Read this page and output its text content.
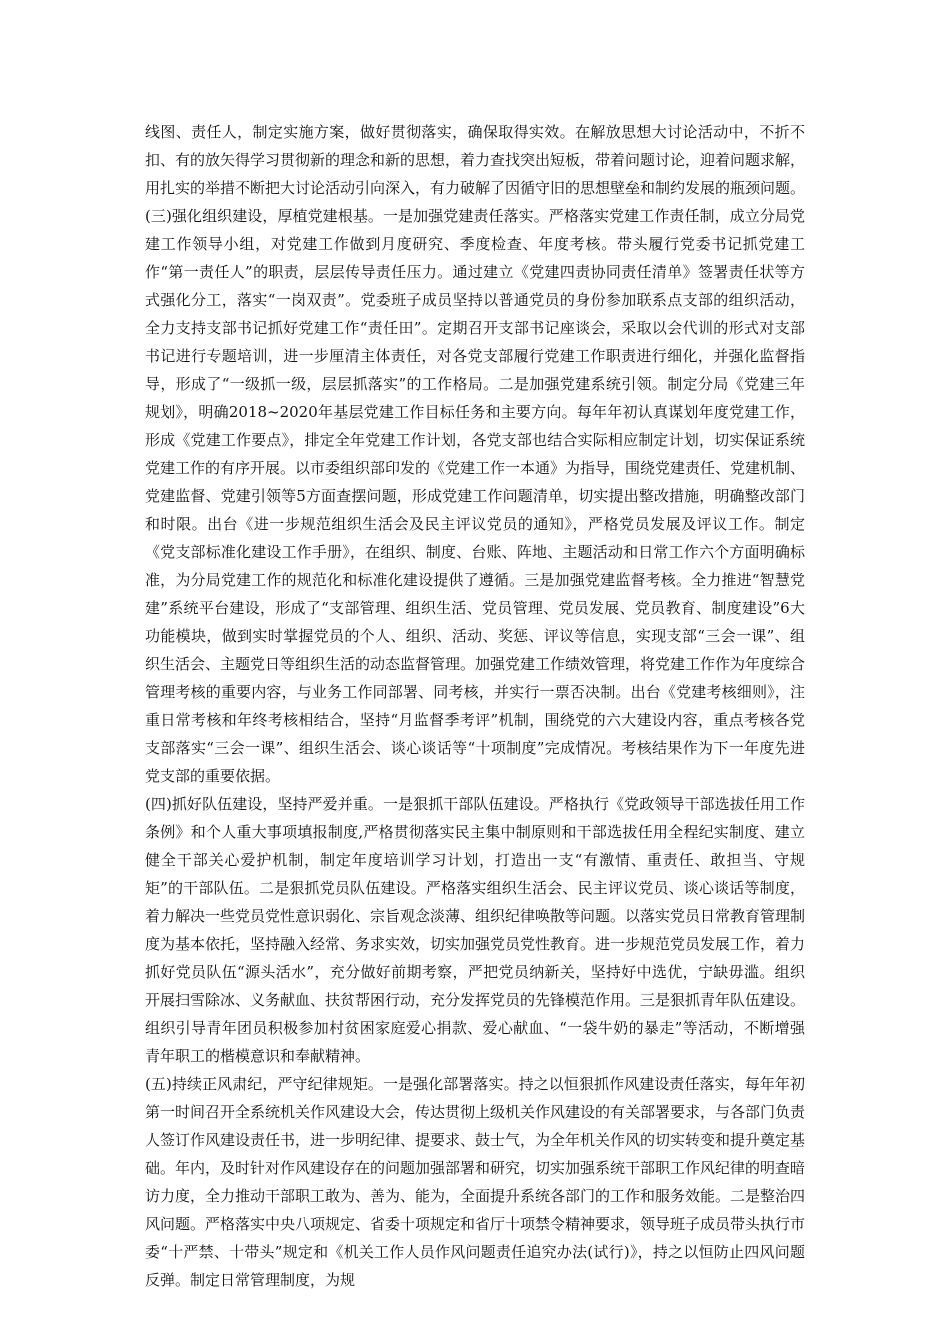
线图、责任人，制定实施方案，做好贯彻落实，确保取得实效。在解放思想大讨论活动中，不折不扣、有的放矢得学习贯彻新的理念和新的思想，着力查找突出短板，带着问题讨论，迎着问题求解，用扎实的举措不断把大讨论活动引向深入，有力破解了因循守旧的思想壁垒和制约发展的瓶颈问题。

(三)强化组织建设，厚植党建根基。一是加强党建责任落实。严格落实党建工作责任制，成立分局党建工作领导小组，对党建工作做到月度研究、季度检查、年度考核。带头履行党委书记抓党建工作“第一责任人”的职责，层层传导责任压力。通过建立《党建四责协同责任清单》签署责任状等方式强化分工，落实“一岗双责”。党委班子成员坚持以普通党员的身份参加联系点支部的组织活动，全力支持支部书记抓好党建工作“责任田”。定期召开支部书记座谈会，采取以会代训的形式对支部书记进行专题培训，进一步厘清主体责任，对各党支部履行党建工作职责进行细化，并强化监督指导，形成了“一级抓一级，层层抓落实”的工作格局。二是加强党建系统引领。制定分局《党建三年规划》，明确2018~2020年基层党建工作目标任务和主要方向。每年年初认真谋划年度党建工作，形成《党建工作要点》，排定全年党建工作计划，各党支部也结合实际相应制定计划，切实保证系统党建工作的有序开展。以市委组织部印发的《党建工作一本通》为指导，围绕党建责任、党建机制、党建监督、党建引领等5方面查摆问题，形成党建工作问题清单，切实提出整改措施，明确整改部门和时限。出台《进一步规范组织生活会及民主评议党员的通知》，严格党员发展及评议工作。制定《党支部标准化建设工作手册》，在组织、制度、台账、阵地、主题活动和日常工作六个方面明确标准，为分局党建工作的规范化和标准化建设提供了遵循。三是加强党建监督考核。全力推进“智慧党建”系统平台建设，形成了“支部管理、组织生活、党员管理、党员发展、党员教育、制度建设”6大功能模块，做到实时掌握党员的个人、组织、活动、奖惩、评议等信息，实现支部“三会一课”、组织生活会、主题党日等组织生活的动态监督管理。加强党建工作绩效管理，将党建工作作为年度综合管理考核的重要内容，与业务工作同部署、同考核，并实行一票否决制。出台《党建考核细则》，注重日常考核和年终考核相结合，坚持“月监督季考评”机制，围绕党的六大建设内容，重点考核各党支部落实“三会一课”、组织生活会、谈心谈话等“十项制度”完成情况。考核结果作为下一年度先进党支部的重要依据。

(四)抓好队伍建设，坚持严爱并重。一是狠抓干部队伍建设。严格执行《党政领导干部选拔任用工作条例》和个人重大事项填报制度,严格贯彻落实民主集中制原则和干部选拔任用全程纪实制度、建立健全干部关心爱护机制，制定年度培训学习计划，打造出一支“有激情、重责任、敢担当、守规矩”的干部队伍。二是狠抓党员队伍建设。严格落实组织生活会、民主评议党员、谈心谈话等制度，着力解决一些党员党性意识弱化、宗旨观念淡薄、组织纪律唤散等问题。以落实党员日常教育管理制度为基本依托，坚持融入经常、务求实效，切实加强党员党性教育。进一步规范党员发展工作，着力抓好党员队伍“源头活水”，充分做好前期考察，严把党员纳新关，坚持好中选优，宁缺毋滥。组织开展扫雪除冰、义务献血、扶贫帮困行动，充分发挥党员的先锋模范作用。三是狠抓青年队伍建设。组织引导青年团员积极参加村贫困家庭爱心捐款、爱心献血、“一袋牛奶的暴走”等活动，不断增强青年职工的楷模意识和奉献精神。

(五)持续正风肃纪，严守纪律规矩。一是强化部署落实。持之以恒狠抓作风建设责任落实，每年年初第一时间召开全系统机关作风建设大会，传达贯彻上级机关作风建设的有关部署要求，与各部门负责人签订作风建设责任书，进一步明纪律、提要求、鼓士气，为全年机关作风的切实转变和提升奠定基础。年内，及时针对作风建设存在的问题加强部署和研究，切实加强系统干部职工作风纪律的明查暗访力度，全力推动干部职工敢为、善为、能为，全面提升系统各部门的工作和服务效能。二是整治四风问题。严格落实中央八项规定、省委十项规定和省厅十项禁令精神要求，领导班子成员带头执行市委“十严禁、十带头”规定和《机关工作人员作风问题责任追究办法(试行)》，持之以恒防止四风问题反弹。制定日常管理制度，为规
